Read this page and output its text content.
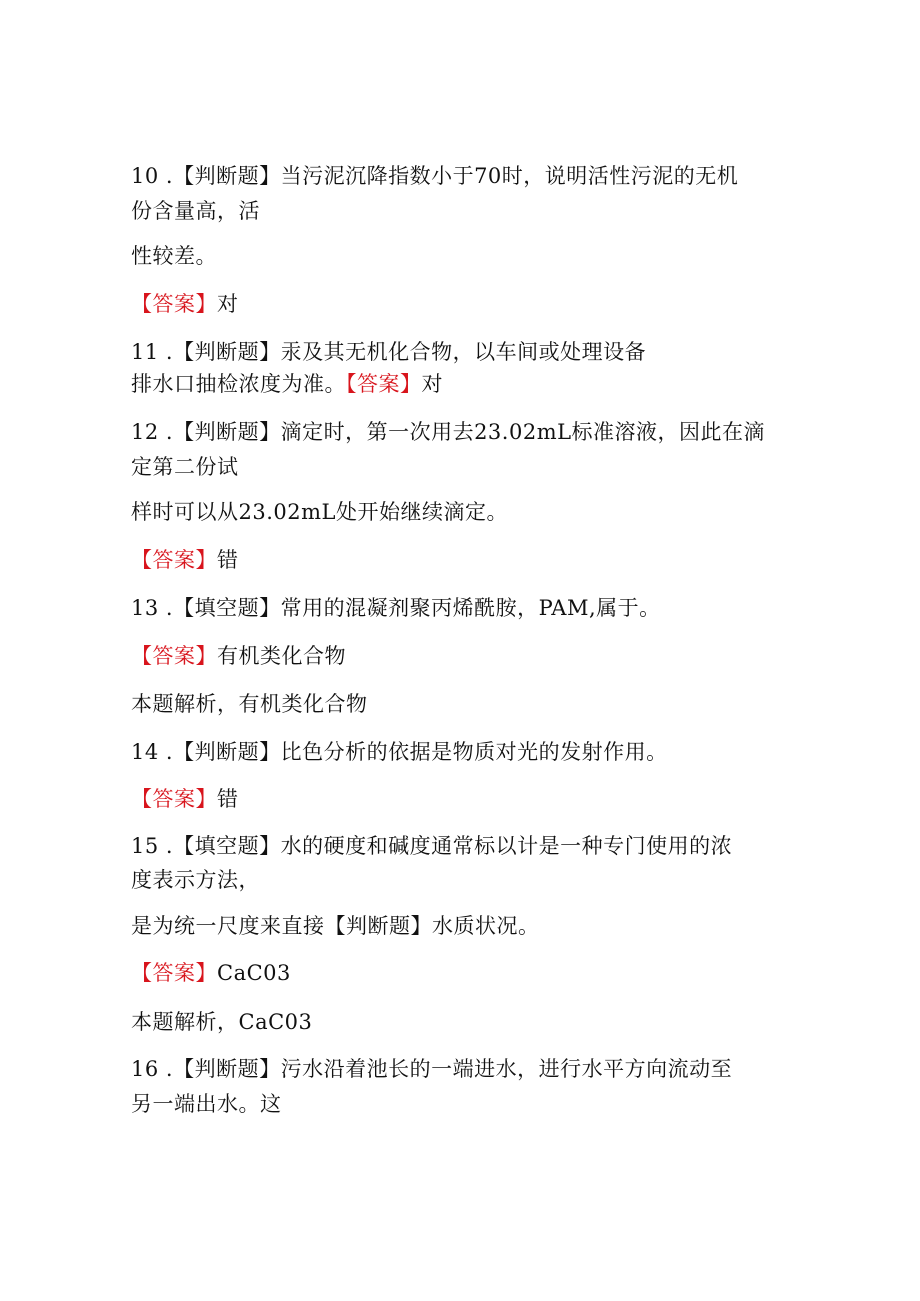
10 .【判断题】当污泥沉降指数小于70时，说明活性污泥的无机
份含量高，活
性较差。
【答案】对
11 .【判断题】汞及其无机化合物，以车间或处理设备
排水口抽检浓度为准。【答案】对
12 .【判断题】滴定时，第一次用去23.02mL标准溶液，因此在滴
定第二份试
样时可以从23.02mL处开始继续滴定。
【答案】错
13 .【填空题】常用的混凝剂聚丙烯酰胺，PAM,属于。
【答案】有机类化合物
本题解析，有机类化合物
14 .【判断题】比色分析的依据是物质对光的发射作用。
【答案】错
15 .【填空题】水的硬度和碱度通常标以计是一种专门使用的浓
度表示方法，
是为统一尺度来直接【判断题】水质状况。
【答案】CaC03
本题解析，CaC03
16 .【判断题】污水沿着池长的一端进水，进行水平方向流动至
另一端出水。这
